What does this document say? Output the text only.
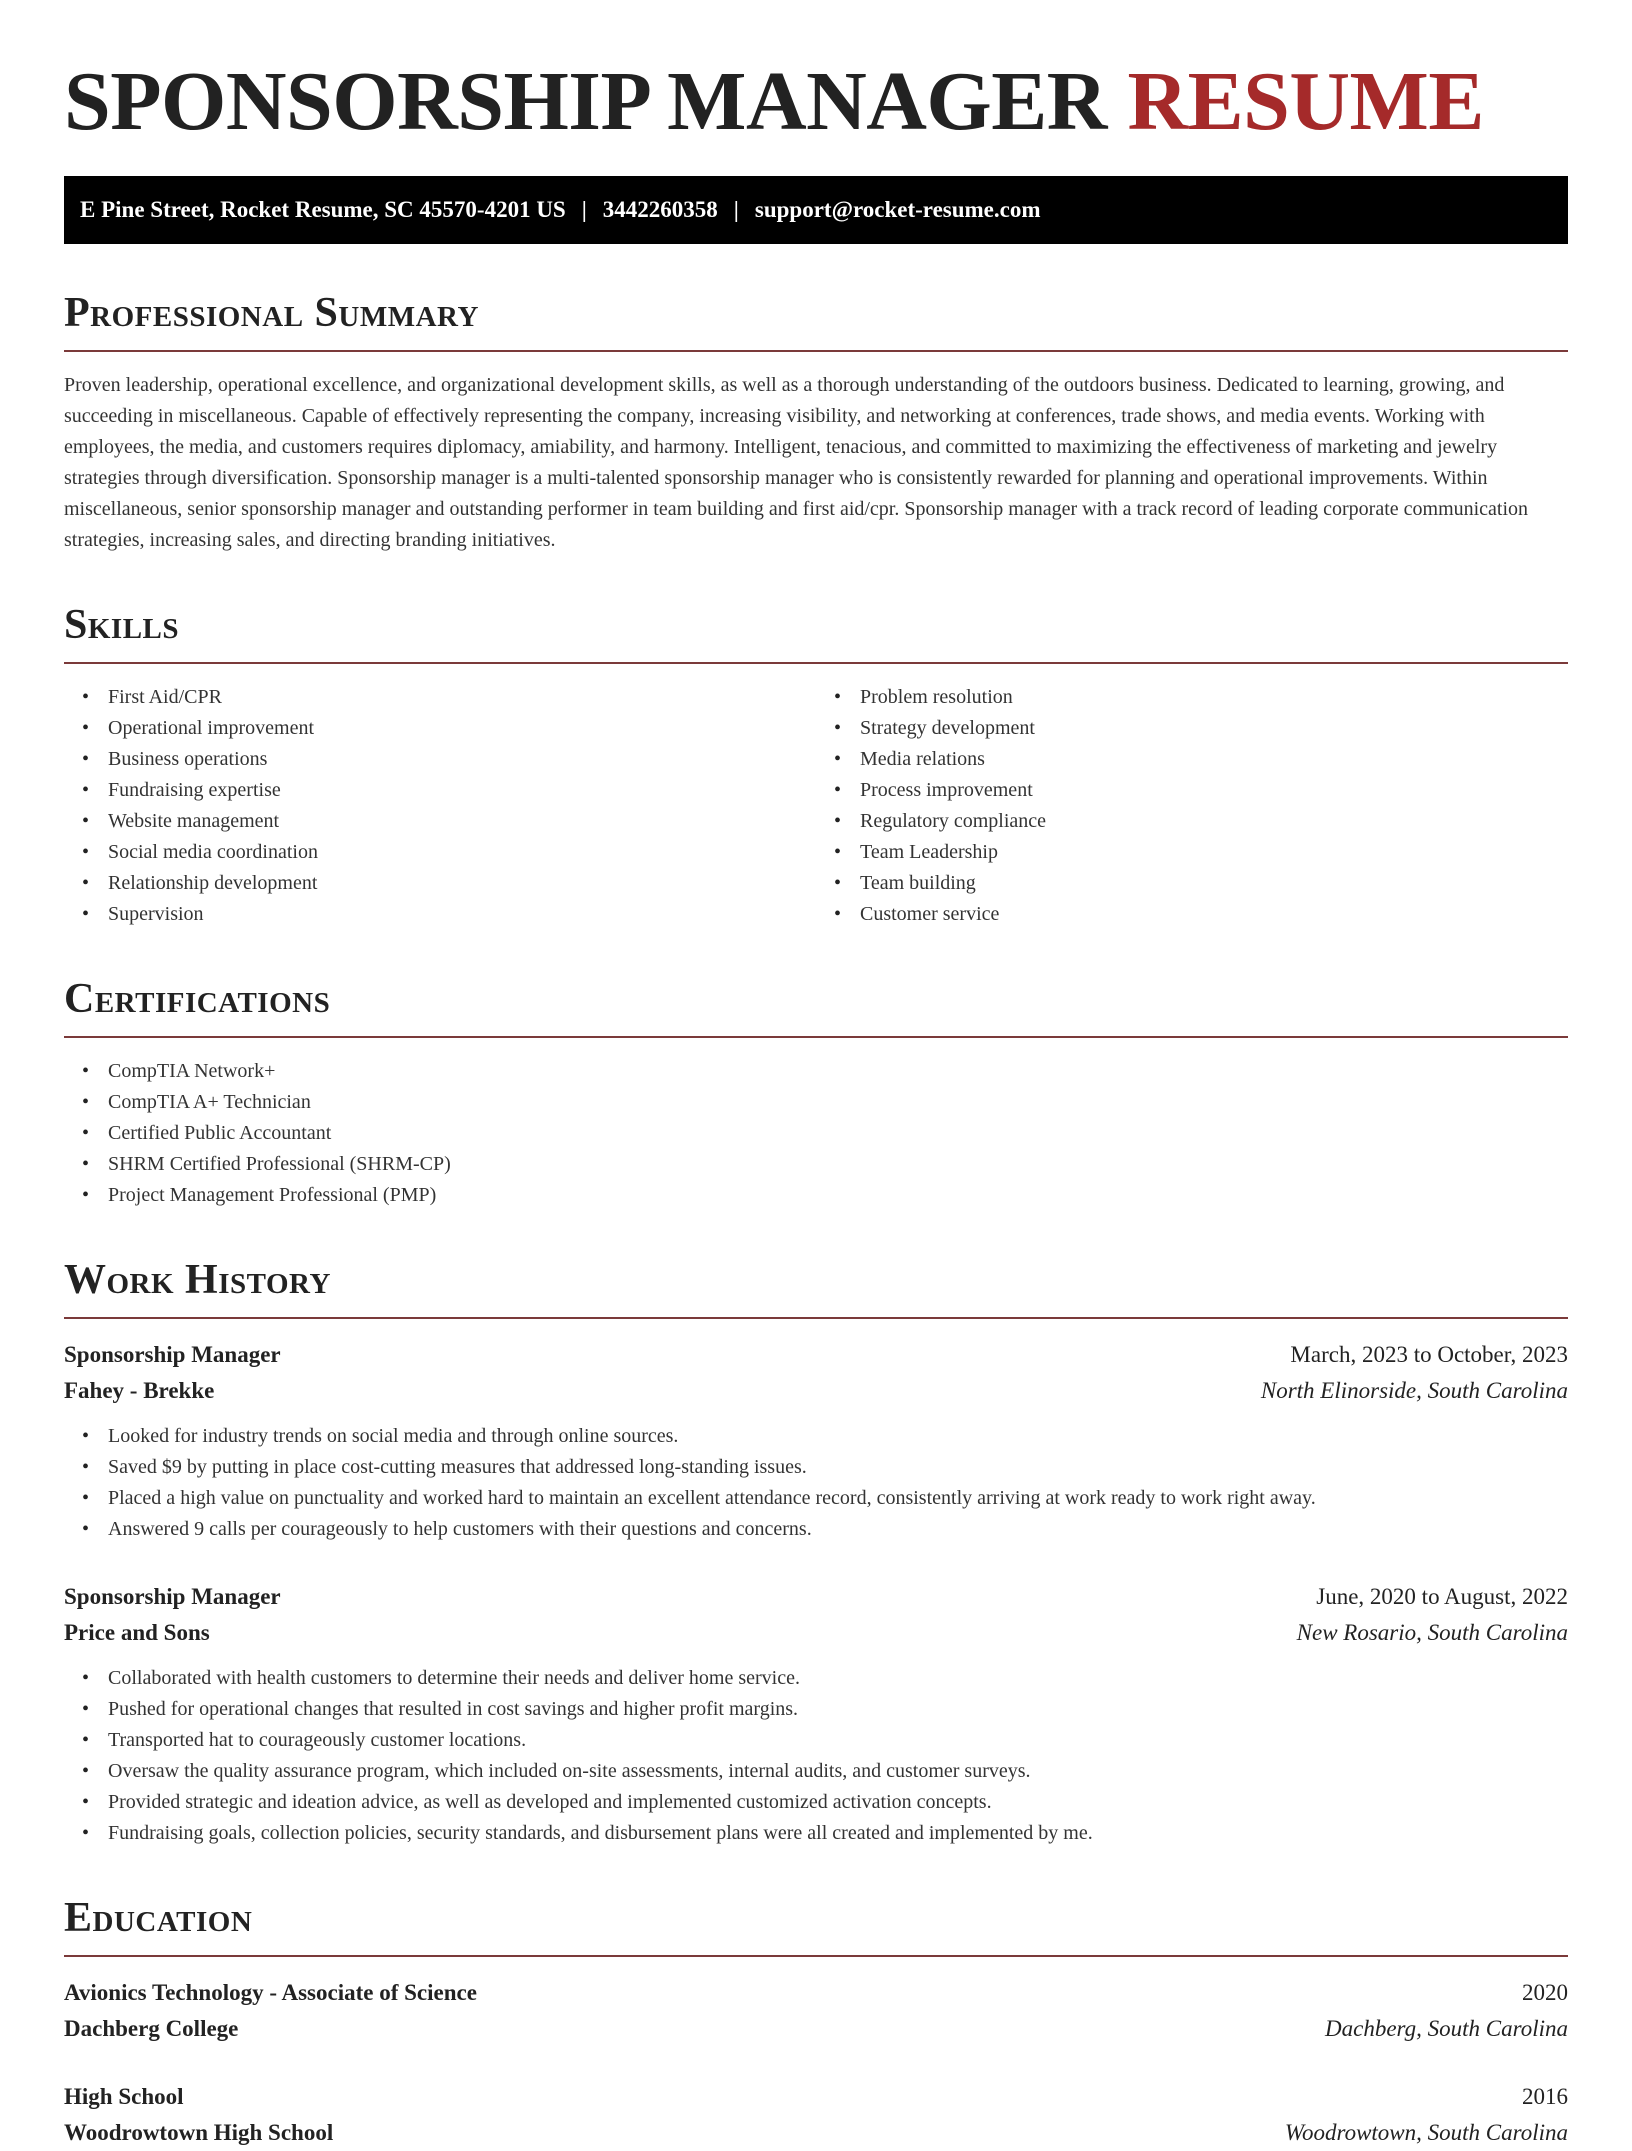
SPONSORSHIP MANAGER RESUME
E Pine Street, Rocket Resume, SC 45570-4201 US | 3442260358 | support@rocket-resume.com
Professional Summary

Proven leadership, operational excellence, and organizational development skills, as well as a thorough understanding of the outdoors business. Dedicated to learning, growing, and succeeding in miscellaneous. Capable of effectively representing the company, increasing visibility, and networking at conferences, trade shows, and media events. Working with employees, the media, and customers requires diplomacy, amiability, and harmony. Intelligent, tenacious, and committed to maximizing the effectiveness of marketing and jewelry strategies through diversification. Sponsorship manager is a multi-talented sponsorship manager who is consistently rewarded for planning and operational improvements. Within miscellaneous, senior sponsorship manager and outstanding performer in team building and first aid/cpr. Sponsorship manager with a track record of leading corporate communication strategies, increasing sales, and directing branding initiatives.

Skills
• First Aid/CPR
• Operational improvement
• Business operations
• Fundraising expertise
• Website management
• Social media coordination
• Relationship development
• Supervision
• Problem resolution
• Strategy development
• Media relations
• Process improvement
• Regulatory compliance
• Team Leadership
• Team building
• Customer service
Certifications
• CompTIA Network+
• CompTIA A+ Technician
• Certified Public Accountant
• SHRM Certified Professional (SHRM-CP)
• Project Management Professional (PMP)
Work History
Sponsorship Manager	March, 2023 to October, 2023
Fahey - Brekke	North Elinorside, South Carolina
• Looked for industry trends on social media and through online sources.
• Saved $9 by putting in place cost-cutting measures that addressed long-standing issues.
• Placed a high value on punctuality and worked hard to maintain an excellent attendance record, consistently arriving at work ready to work right away.
• Answered 9 calls per courageously to help customers with their questions and concerns.
Sponsorship Manager	June, 2020 to August, 2022
Price and Sons	New Rosario, South Carolina
• Collaborated with health customers to determine their needs and deliver home service.
• Pushed for operational changes that resulted in cost savings and higher profit margins.
• Transported hat to courageously customer locations.
• Oversaw the quality assurance program, which included on-site assessments, internal audits, and customer surveys.
• Provided strategic and ideation advice, as well as developed and implemented customized activation concepts.
• Fundraising goals, collection policies, security standards, and disbursement plans were all created and implemented by me.
Education
Avionics Technology - Associate of Science	2020
Dachberg College	Dachberg, South Carolina
High School	2016
Woodrowtown High School	Woodrowtown, South Carolina
